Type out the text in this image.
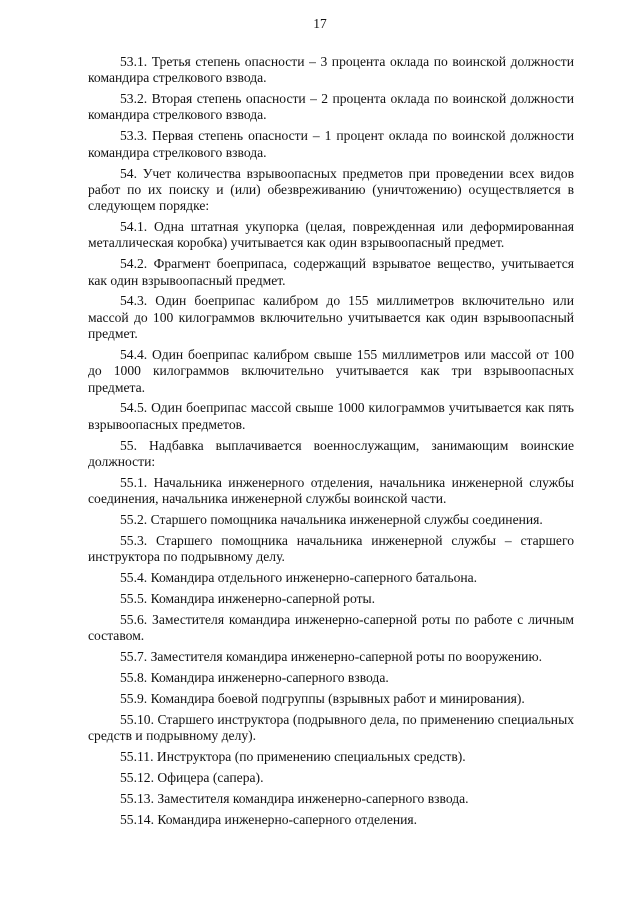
17

53.1. Третья степень опасности – 3 процента оклада по воинской должности командира стрелкового взвода.

53.2. Вторая степень опасности – 2 процента оклада по воинской должности командира стрелкового взвода.

53.3. Первая степень опасности – 1 процент оклада по воинской должности командира стрелкового взвода.

54. Учет количества взрывоопасных предметов при проведении всех видов работ по их поиску и (или) обезвреживанию (уничтожению) осуществляется в следующем порядке:

54.1. Одна штатная укупорка (целая, поврежденная или деформированная металлическая коробка) учитывается как один взрывоопасный предмет.

54.2. Фрагмент боеприпаса, содержащий взрыватое вещество, учитывается как один взрывоопасный предмет.

54.3. Один боеприпас калибром до 155 миллиметров включительно или массой до 100 килограммов включительно учитывается как один взрывоопасный предмет.

54.4. Один боеприпас калибром свыше 155 миллиметров или массой от 100 до 1000 килограммов включительно учитывается как три взрывоопасных предмета.

54.5. Один боеприпас массой свыше 1000 килограммов учитывается как пять взрывоопасных предметов.

55. Надбавка выплачивается военнослужащим, занимающим воинские должности:

55.1. Начальника инженерного отделения, начальника инженерной службы соединения, начальника инженерной службы воинской части.

55.2. Старшего помощника начальника инженерной службы соединения.

55.3. Старшего помощника начальника инженерной службы – старшего инструктора по подрывному делу.

55.4. Командира отдельного инженерно-саперного батальона.

55.5. Командира инженерно-саперной роты.

55.6. Заместителя командира инженерно-саперной роты по работе с личным составом.

55.7. Заместителя командира инженерно-саперной роты по вооружению.

55.8. Командира инженерно-саперного взвода.

55.9. Командира боевой подгруппы (взрывных работ и минирования).

55.10. Старшего инструктора (подрывного дела, по применению специальных средств и подрывному делу).

55.11. Инструктора (по применению специальных средств).

55.12. Офицера (сапера).

55.13. Заместителя командира инженерно-саперного взвода.

55.14. Командира инженерно-саперного отделения.
